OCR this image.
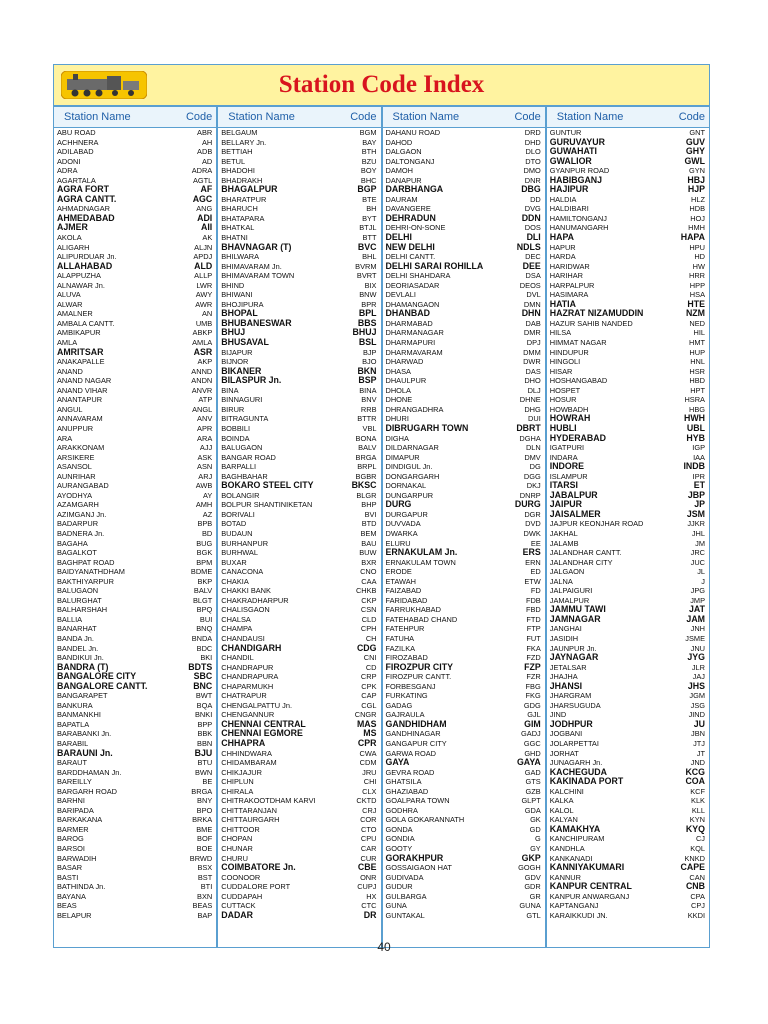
Station Code Index
Station Name	Code
ABU ROAD	ABR
ACHHNERA	AH
ADILABAD	ADB
ADONI	AD
ADRA	ADRA
AGARTALA	AGTL
AGRA FORT	AF
AGRA CANTT.	AGC
AHMADNAGAR	ANG
AHMEDABAD	ADI
AJMER	AII
AKOLA	AK
ALIGARH	ALJN
ALIPURDUAR Jn.	APDJ
ALLAHABAD	ALD
ALAPPUZHA	ALLP
ALNAWAR Jn.	LWR
ALUVA	AWY
ALWAR	AWR
AMALNER	AN
AMBALA CANTT.	UMB
AMBIKAPUR	ABKP
AMLA	AMLA
AMRITSAR	ASR
ANAKAPALLE	AKP
ANAND	ANND
ANAND NAGAR	ANDN
ANAND VIHAR	ANVR
ANANTAPUR	ATP
ANGUL	ANGL
ANNAVARAM	ANV
ANUPPUR	APR
ARA	ARA
ARAKKONAM	AJJ
ARSIKERE	ASK
ASANSOL	ASN
AUNRIHAR	ARJ
AURANGABAD	AWB
AYODHYA	AY
AZAMGARH	AMH
AZIMGANJ Jn.	AZ
BADARPUR	BPB
BADNERA Jn.	BD
BAGAHA	BUG
BAGALKOT	BGK
BAGHPAT ROAD	BPM
BAIDYANATHDHAM	BDME
BAKTHIYARPUR	BKP
BALUGAON	BALV
BALURGHAT	BLGT
BALHARSHAH	BPQ
BALLIA	BUI
BANARHAT	BNQ
BANDA Jn.	BNDA
BANDEL Jn.	BDC
BANDIKUI Jn.	BKI
BANDRA (T)	BDTS
BANGALORE CITY	SBC
BANGALORE CANTT.	BNC
BANGARAPET	BWT
BANKURA	BQA
BANMANKHI	BNKI
BAPATLA	BPP
BARABANKI Jn.	BBK
BARABIL	BBN
BARAUNI Jn.	BJU
BARAUT	BTU
BARDDHAMAN Jn.	BWN
BAREILLY	BE
BARGARH ROAD	BRGA
BARHNI	BNY
BARIPADA	BPO
BARKAKANA	BRKA
BARMER	BME
BAROG	BOF
BARSOI	BOE
BARWADIH	BRWD
BASAR	BSX
BASTI	BST
BATHINDA Jn.	BTI
BAYANA	BXN
BEAS	BEAS
BELAPUR	BAP
Station Name	Code
BELGAUM	BGM
BELLARY Jn.	BAY
BETTIAH	BTH
BETUL	BZU
BHADOHI	BOY
BHADRAKH	BHC
BHAGALPUR	BGP
BHARATPUR	BTE
BHARUCH	BH
BHATAPARA	BYT
BHATKAL	BTJL
BHATNI	BTT
BHAVNAGAR (T)	BVC
BHILWARA	BHL
BHIMAVARAM Jn.	BVRM
BHIMAVARAM TOWN	BVRT
BHIND	BIX
BHIWANI	BNW
BHOJIPURA	BPR
BHOPAL	BPL
BHUBANESWAR	BBS
BHUJ	BHUJ
BHUSAVAL	BSL
BIJAPUR	BJP
BIJNOR	BJO
BIKANER	BKN
BILASPUR Jn.	BSP
BINA	BINA
BINNAGURI	BNV
BIRUR	RRB
BITRAGUNTA	BTTR
BOBBILI	VBL
BOINDA	BONA
BALUGAON	BALV
BANGAR ROAD	BRGA
BARPALLI	BRPL
BAGHBAHAR	BGBR
BOKARO STEEL CITY	BKSC
BOLANGIR	BLGR
BOLPUR SHANTINIKETAN	BHP
BORIVALI	BVI
BOTAD	BTD
BUDAUN	BEM
BURHANPUR	BAU
BURHWAL	BUW
BUXAR	BXR
CANACONA	CNO
CHAKIA	CAA
CHAKKI BANK	CHKB
CHAKRADHARPUR	CKP
CHALISGAON	CSN
CHALSA	CLD
CHAMPA	CPH
CHANDAUSI	CH
CHANDIGARH	CDG
CHANDIL	CNI
CHANDRAPUR	CD
CHANDRAPURA	CRP
CHAPARMUKH	CPK
CHATRAPUR	CAP
CHENGALPATTU Jn.	CGL
CHENGANNUR	CNGR
CHENNAI CENTRAL	MAS
CHENNAI EGMORE	MS
CHHAPRA	CPR
CHHINDWARA	CWA
CHIDAMBARAM	CDM
CHIKJAJUR	JRU
CHIPLUN	CHI
CHIRALA	CLX
CHITRAKOOTDHAM KARVI	CKTD
CHITTARANJAN	CRJ
CHITTAURGARH	COR
CHITTOOR	CTO
CHOPAN	CPU
CHUNAR	CAR
CHURU	CUR
COIMBATORE Jn.	CBE
COONOOR	ONR
CUDDALORE PORT	CUPJ
CUDDAPAH	HX
CUTTACK	CTC
DADAR	DR
Station Name	Code
DAHANU ROAD	DRD
DAHOD	DHD
DALGAON	DLO
DALTONGANJ	DTO
DAMOH	DMO
DANAPUR	DNR
DARBHANGA	DBG
DAURAM	DD
DAVANGERE	DVG
DEHRADUN	DDN
DEHRI-ON-SONE	DOS
DELHI	DLI
NEW DELHI	NDLS
DELHI CANTT.	DEC
DELHI SARAI ROHILLA	DEE
DELHI SHAHDARA	DSA
DEORIASADAR	DEOS
DEVLALI	DVL
DHAMANGAON	DMN
DHANBAD	DHN
DHARMABAD	DAB
DHARMANAGAR	DMR
DHARMAPURI	DPJ
DHARMAVARAM	DMM
DHARWAD	DWR
DHASA	DAS
DHAULPUR	DHO
DHOLA	DLJ
DHONE	DHNE
DHRANGADHRA	DHG
DHURI	DUI
DIBRUGARH TOWN	DBRT
DIGHA	DGHA
DILDARNAGAR	DLN
DIMAPUR	DMV
DINDIGUL Jn.	DG
DONGARGARH	DGG
DORNAKAL	DKJ
DUNGARPUR	DNRP
DURG	DURG
DURGAPUR	DGR
DUVVADA	DVD
DWARKA	DWK
ELURU	EE
ERNAKULAM Jn.	ERS
ERNAKULAM TOWN	ERN
ERODE	ED
ETAWAH	ETW
FAIZABAD	FD
FARIDABAD	FDB
FARRUKHABAD	FBD
FATEHABAD CHAND	FTD
FATEHPUR	FTP
FATUHA	FUT
FAZILKA	FKA
FIROZABAD	FZD
FIROZPUR CITY	FZP
FIROZPUR CANTT.	FZR
FORBESGANJ	FBG
FURKATING	FKG
GADAG	GDG
GAJRAULA	GJL
GANDHIDHAM	GIM
GANDHINAGAR	GADJ
GANGAPUR CITY	GGC
GARWA ROAD	GHD
GAYA	GAYA
GEVRA ROAD	GAD
GHATSILA	GTS
GHAZIABAD	GZB
GOALPARA TOWN	GLPT
GODHRA	GDA
GOLA GOKARANNATH	GK
GONDA	GD
GONDIA	G
GOOTY	GY
GORAKHPUR	GKP
GOSSAIGAON HAT	GOGH
GUDIVADA	GDV
GUDUR	GDR
GULBARGA	GR
GUNA	GUNA
GUNTAKAL	GTL
Station Name	Code
GUNTUR	GNT
GURUVAYUR	GUV
GUWAHATI	GHY
GWALIOR	GWL
GYANPUR ROAD	GYN
HABIBGANJ	HBJ
HAJIPUR	HJP
HALDIA	HLZ
HALDIBARI	HDB
HAMILTONGANJ	HOJ
HANUMANGARH	HMH
HAPA	HAPA
HAPUR	HPU
HARDA	HD
HARIDWAR	HW
HARIHAR	HRR
HARPALPUR	HPP
HASIMARA	HSA
HATIA	HTE
HAZRAT NIZAMUDDIN	NZM
HAZUR SAHIB NANDED	NED
HILSA	HIL
HIMMAT NAGAR	HMT
HINDUPUR	HUP
HINGOLI	HNL
HISAR	HSR
HOSHANGABAD	HBD
HOSPET	HPT
HOSUR	HSRA
HOWBADH	HBG
HOWRAH	HWH
HUBLI	UBL
HYDERABAD	HYB
IGATPURI	IGP
INDARA	IAA
INDORE	INDB
ISLAMPUR	IPR
ITARSI	ET
JABALPUR	JBP
JAIPUR	JP
JAISALMER	JSM
JAJPUR KEONJHAR ROAD	JJKR
JAKHAL	JHL
JALAMB	JM
JALANDHAR CANTT.	JRC
JALANDHAR CITY	JUC
JALGAON	JL
JALNA	J
JALPAIGURI	JPG
JAMALPUR	JMP
JAMMU TAWI	JAT
JAMNAGAR	JAM
JANGHAI	JNH
JASIDIH	JSME
JAUNPUR Jn.	JNU
JAYNAGAR	JYG
JETALSAR	JLR
JHAJHA	JAJ
JHANSI	JHS
JHARGRAM	JGM
JHARSUGUDA	JSG
JIND	JIND
JODHPUR	JU
JOGBANI	JBN
JOLARPETTAI	JTJ
JORHAT	JT
JUNAGARH Jn.	JND
KACHEGUDA	KCG
KAKINADA PORT	COA
KALCHINI	KCF
KALKA	KLK
KALOL	KLL
KALYAN	KYN
KAMAKHYA	KYQ
KANCHIPURAM	CJ
KANDHLA	KQL
KANKANADI	KNKD
KANNIYAKUMARI	CAPE
KANNUR	CAN
KANPUR CENTRAL	CNB
KANPUR ANWARGANJ	CPA
KAPTANGANJ	CPJ
KARAIKKUDI JN.	KKDI
40
